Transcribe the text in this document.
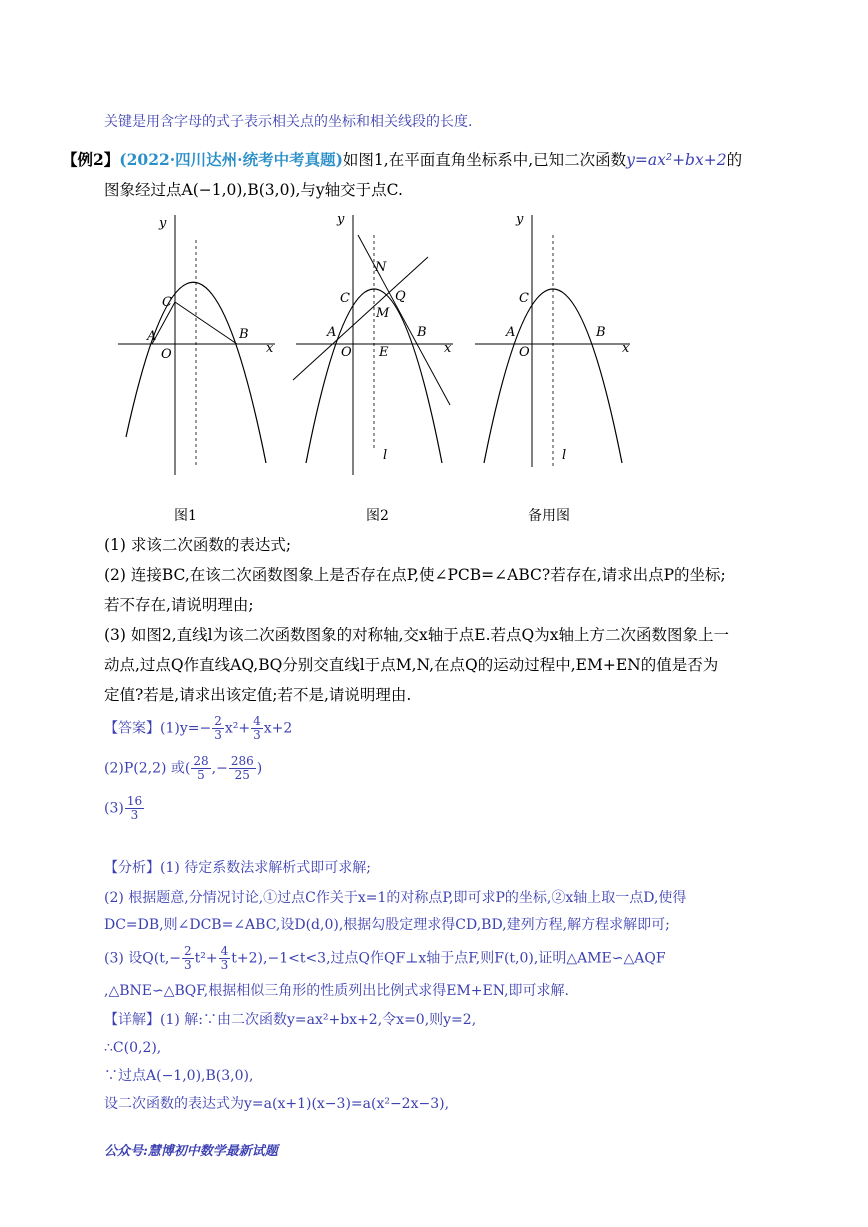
关键是用含字母的式子表示相关点的坐标和相关线段的长度.
【例2】(2022·四川达州·统考中考真题)如图1,在平面直角坐标系中,已知二次函数y=ax²+bx+2的
图象经过点A(−1,0),B(3,0),与y轴交于点C.
y
x
C
A	B
O
y
x
N
C	Q
M
A	B
O E
l
y
x
C
A	B
O
l
图1	图2	备用图
(1) 求该二次函数的表达式;
(2) 连接BC,在该二次函数图象上是否存在点P,使∠PCB=∠ABC?若存在,请求出点P的坐标;
若不存在,请说明理由;
(3) 如图2,直线l为该二次函数图象的对称轴,交x轴于点E.若点Q为x轴上方二次函数图象上一
动点,过点Q作直线AQ,BQ分别交直线l于点M,N,在点Q的运动过程中,EM+EN的值是否为
定值?若是,请求出该定值;若不是,请说明理由.
【答案】$(1)y=- \frac{2}{3} x^2+ \frac{4}{3} x+2$
(2)P(2,2) 或( $\frac{28}{5}$ ,− $\frac{286}{25}$ )
$(3) \frac{16}{3}$
【分析】(1) 待定系数法求解析式即可求解;
(2) 根据题意,分情况讨论,①过点C作关于x=1的对称点P,即可求P的坐标,②x轴上取一点D,使得
DC=DB,则∠DCB=∠ABC,设D(d,0),根据勾股定理求得CD,BD,建列方程,解方程求解即可;
(3) 设$Q(t,- \frac{2}{3} t^2+ \frac{4}{3} t+2),-1<t<3$,过点Q作QF⊥x轴于点F,则F(t,0),证明△AME∽△AQF
,△BNE∽△BQF,根据相似三角形的性质列出比例式求得EM+EN,即可求解.
【详解】(1) 解:∵由二次函数y=ax²+bx+2,令x=0,则y=2,
∴C(0,2),
∵过点A(−1,0),B(3,0),
设二次函数的表达式为y=a(x+1)(x−3)=a(x²−2x−3),
公众号:慧博初中数学最新试题
